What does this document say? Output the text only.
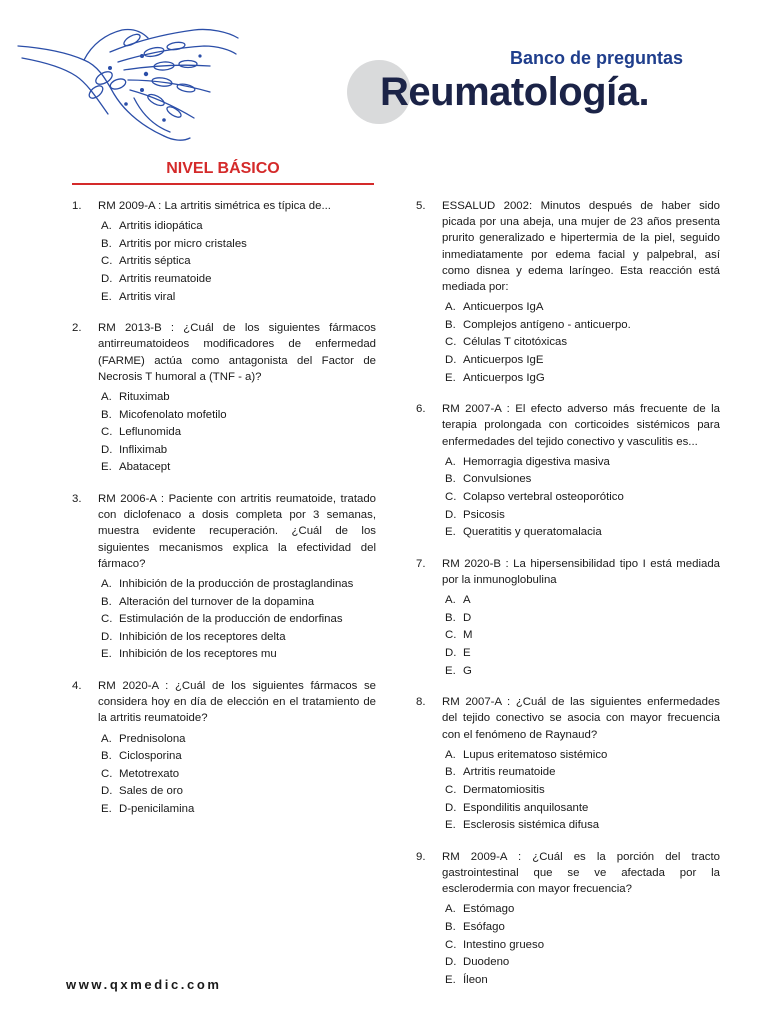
Banco de preguntas
Reumatología.
NIVEL BÁSICO
1. RM 2009-A : La artritis simétrica es típica de...
A. Artritis idiopática
B. Artritis por micro cristales
C. Artritis séptica
D. Artritis reumatoide
E. Artritis viral
2. RM 2013-B : ¿Cuál de los siguientes fármacos antirreumatoideos modificadores de enfermedad (FARME) actúa como antagonista del Factor de Necrosis T humoral a (TNF - a)?
A. Rituximab
B. Micofenolato mofetilo
C. Leflunomida
D. Infliximab
E. Abatacept
3. RM 2006-A : Paciente con artritis reumatoide, tratado con diclofenaco a dosis completa por 3 semanas, muestra evidente recuperación. ¿Cuál de los siguientes mecanismos explica la efectividad del fármaco?
A. Inhibición de la producción de prostaglandinas
B. Alteración del turnover de la dopamina
C. Estimulación de la producción de endorfinas
D. Inhibición de los receptores delta
E. Inhibición de los receptores mu
4. RM 2020-A : ¿Cuál de los siguientes fármacos se considera hoy en día de elección en el tratamiento de la artritis reumatoide?
A. Prednisolona
B. Ciclosporina
C. Metotrexato
D. Sales de oro
E. D-penicilamina
5. ESSALUD 2002: Minutos después de haber sido picada por una abeja, una mujer de 23 años presenta prurito generalizado e hipertermia de la piel, seguido inmediatamente por edema facial y palpebral, así como disnea y edema laríngeo. Esta reacción está mediada por:
A. Anticuerpos IgA
B. Complejos antígeno - anticuerpo.
C. Células T citotóxicas
D. Anticuerpos IgE
E. Anticuerpos IgG
6. RM 2007-A : El efecto adverso más frecuente de la terapia prolongada con corticoides sistémicos para enfermedades del tejido conectivo y vasculitis es...
A. Hemorragia digestiva masiva
B. Convulsiones
C. Colapso vertebral osteoporótico
D. Psicosis
E. Queratitis y queratomalacia
7. RM 2020-B : La hipersensibilidad tipo I está mediada por la inmunoglobulina
A. A
B. D
C. M
D. E
E. G
8. RM 2007-A : ¿Cuál de las siguientes enfermedades del tejido conectivo se asocia con mayor frecuencia con el fenómeno de Raynaud?
A. Lupus eritematoso sistémico
B. Artritis reumatoide
C. Dermatomiositis
D. Espondilitis anquilosante
E. Esclerosis sistémica difusa
9. RM 2009-A : ¿Cuál es la porción del tracto gastrointestinal que se ve afectada por la esclerodermia con mayor frecuencia?
A. Estómago
B. Esófago
C. Intestino grueso
D. Duodeno
E. Íleon
www.qxmedic.com
